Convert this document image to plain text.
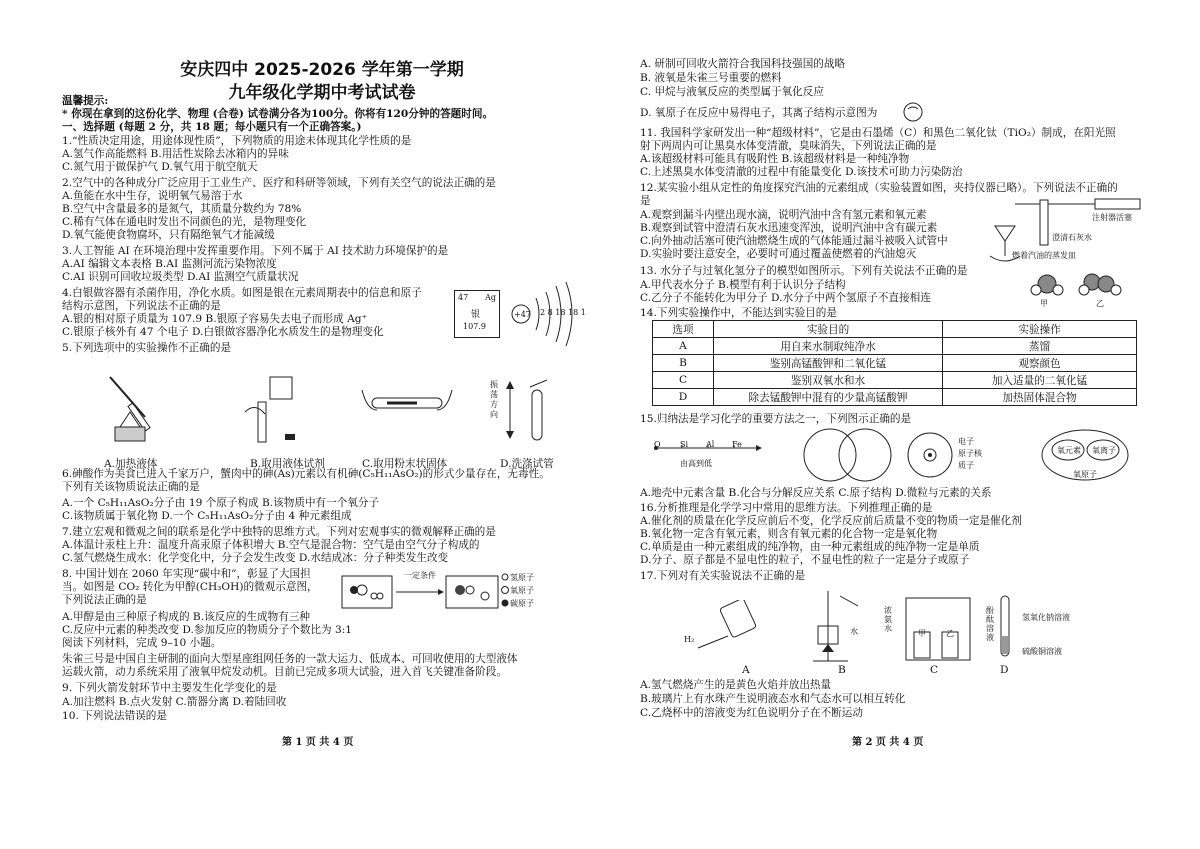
安庆四中 2025-2026 学年第一学期
九年级化学期中考试试卷
温馨提示:
* 你现在拿到的这份化学、物理 (合卷) 试卷满分各为100分。你将有120分钟的答题时间。
一、选择题 (每题 2 分，共 18 题；每小题只有一个正确答案。)
1.“性质决定用途，用途体现性质”，下列物质的用途未体现其化学性质的是
A.氢气作高能燃料 B.用活性炭除去冰箱内的异味
C.氮气用于做保护气 D.氧气用于航空航天
2.空气中的各种成分广泛应用于工业生产、医疗和科研等领域，下列有关空气的说法正确的是
A.鱼能在水中生存，说明氧气易溶于水
B.空气中含量最多的是氮气，其质量分数约为 78%
C.稀有气体在通电时发出不同颜色的光，是物理变化
D.氧气能使食物腐坏，只有隔绝氧气才能减缓
3.人工智能 AI 在环境治理中发挥重要作用。下列不属于 AI 技术助力环境保护的是
A.AI 编辑文本表格 B.AI 监测河流污染物浓度
C.AI 识别可回收垃圾类型 D.AI 监测空气质量状况
4.白银做容器有杀菌作用，净化水质。如图是银在元素周期表中的信息和原子
结构示意图，下列说法不正确的是
A.银的相对原子质量为 107.9 B.银原子容易失去电子而形成 Ag⁺
C.银原子核外有 47 个电子 D.白银做容器净化水质发生的是物理变化
5.下列选项中的实验操作不正确的是
6.砷酸作为美食已进入千家万户，蟹肉中的砷(As)元素以有机砷(C₅H₁₁AsO₂)的形式少量存在，无毒性。
下列有关该物质说法正确的是
A.一个 C₅H₁₁AsO₂分子由 19 个原子构成 B.该物质中有一个氧分子
C.该物质属于氧化物 D.一个 C₅H₁₁AsO₂分子由 4 种元素组成
7.建立宏观和微观之间的联系是化学中独特的思维方式。下列对宏观事实的微观解释正确的是
A.体温计汞柱上升：温度升高汞原子体积增大 B.空气是混合物：空气是由空气分子构成的
C.氢气燃烧生成水：化学变化中，分子会发生改变 D.水结成冰：分子种类发生改变
8. 中国计划在 2060 年实现“碳中和”，彰显了大国担
当。如图是 CO₂ 转化为甲醇(CH₃OH)的微观示意图，
下列说法正确的是
A.甲醇是由三种原子构成的 B.该反应的生成物有三种
C.反应中元素的种类改变 D.参加反应的物质分子个数比为 3:1
阅读下列材料，完成 9–10 小题。
朱雀三号是中国自主研制的面向大型星座组网任务的一款大运力、低成本、可回收使用的大型液体
运载火箭，动力系统采用了液氧甲烷发动机。目前已完成多项大试验，进入首飞关键准备阶段。
9. 下列火箭发射环节中主要发生化学变化的是
A.加注燃料 B.点火发射 C.箭器分离 D.着陆回收
10. 下列说法错误的是
47 Ag
银
107.9
+47 2 8 18 18 1
振荡方向
A.加热液体	B.取用液体试剂	C.取用粉末状固体	D.洗涤试管
一定条件	氢原子
氧原子
碳原子
第 1 页 共 4 页
A. 研制可回收火箭符合我国科技强国的战略
B. 液氧是朱雀三号重要的燃料
C. 甲烷与液氧反应的类型属于氧化反应
D. 氧原子在反应中易得电子，其离子结构示意图为
11. 我国科学家研发出一种“超级材料”，它是由石墨烯（C）和黑色二氧化钛（TiO₂）制成，在阳光照
射下两周内可让黑臭水体变清澈，臭味消失，下列说法正确的是
A.该超级材料可能具有吸附性 B.该超级材料是一种纯净物
C.上述黑臭水体变清澈的过程中有能量变化 D.该技术可助力污染防治
12.某实验小组从定性的角度探究汽油的元素组成（实验装置如图，夹持仪器已略）。下列说法不正确的
是
A.观察到漏斗内壁出现水滴，说明汽油中含有氢元素和氧元素
B.观察到试管中澄清石灰水迅速变浑浊，说明汽油中含有碳元素
C.向外抽动活塞可使汽油燃烧生成的气体能通过漏斗被吸入试管中
D.实验时要注意安全，必要时可通过覆盖使燃着的汽油熄灭
13. 水分子与过氧化氢分子的模型如图所示。下列有关说法不正确的是
A.甲代表水分子 B.模型有利于认识分子结构
C.乙分子不能转化为甲分子 D.水分子中两个氢原子不直接相连
14.下列实验操作中，不能达到实验目的是
15.归纳法是学习化学的重要方法之一，下列图示正确的是
A.地壳中元素含量 B.化合与分解反应关系 C.原子结构 D.微粒与元素的关系
16.分析推理是化学学习中常用的思维方法。下列推理正确的是
A.催化剂的质量在化学反应前后不变，化学反应前后质量不变的物质一定是催化剂
B.氧化物一定含有氧元素，则含有氧元素的化合物一定是氧化物
C.单质是由一种元素组成的纯净物，由一种元素组成的纯净物一定是单质
D.分子、原子都是不显电性的粒子，不显电性的粒子一定是分子或原子
17.下列对有关实验说法不正确的是
A.氢气燃烧产生的是黄色火焰并放出热量
B.玻璃片上有水珠产生说明液态水和气态水可以相互转化
C.乙烧杯中的溶液变为红色说明分子在不断运动
注射器活塞
澄清石灰水
燃着汽油的蒸发皿
甲	乙
选项	实验目的	实验操作
A	用自来水制取纯净水	蒸馏
B	鉴别高锰酸钾和二氧化锰	观察颜色
C	鉴别双氧水和水	加入适量的二氧化锰
D	除去锰酸钾中混有的少量高锰酸钾	加热固体混合物
O Si Al Fe
由高到低
电子
原子核
质子
氧元素 氧离子
氧原子
H₂
水
浓氨水
酚酞溶液
甲	乙
氢氧化钠溶液
硫酸铜溶液
A	B	C	D
第 2 页 共 4 页
